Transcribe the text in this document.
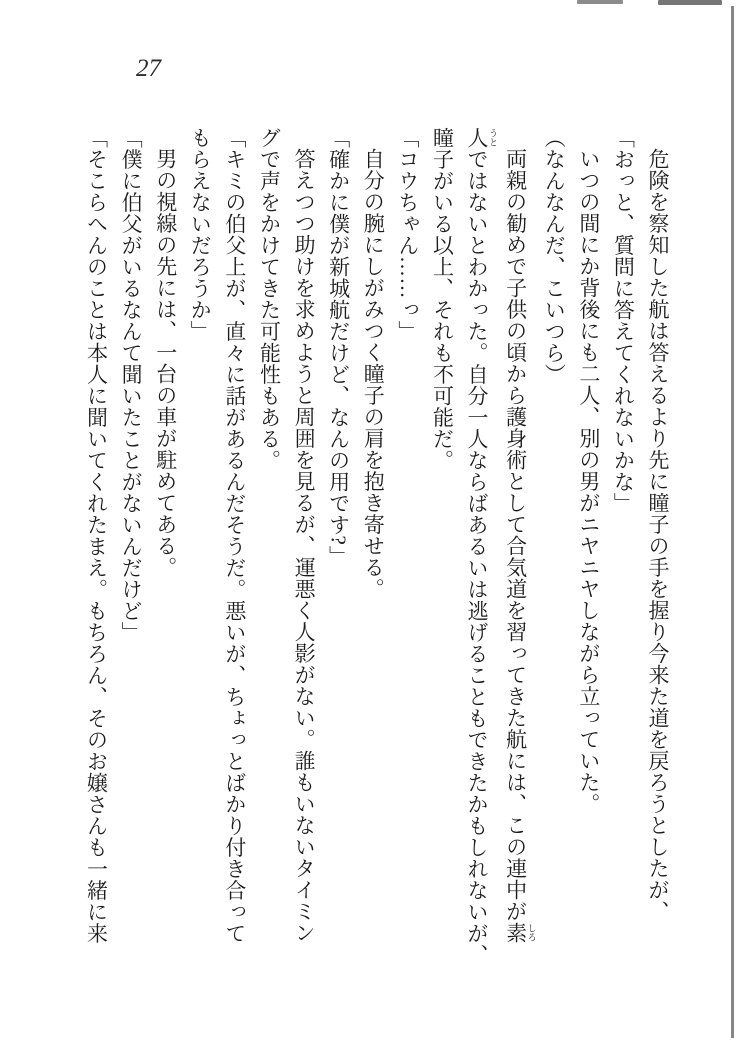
27
危険を察知した航は答えるより先に瞳子の手を握り今来た道を戻ろうとしたが、
「おっと、質問に答えてくれないかな」
いつの間にか背後にも二人、別の男がニヤニヤしながら立っていた。
（なんなんだ、こいつら）
両親の勧めで子供の頃から護身術として合気道を習ってきた航には、この連中が素 しろ
人 うとではないとわかった。自分一人ならばあるいは逃げることもできたかもしれないが、
瞳子がいる以上、それも不可能だ。
「コウちゃん……っ」
自分の腕にしがみつく瞳子の肩を抱き寄せる。
「確かに僕が新城航だけど、なんの用です?」
答えつつ助けを求めようと周囲を見るが、運悪く人影がない。誰もいないタイミン
グで声をかけてきた可能性もある。
「キミの伯父上が、直々に話があるんだそうだ。悪いが、ちょっとばかり付き合って
もらえないだろうか」
男の視線の先には、一台の車が駐めてある。
「僕に伯父がいるなんて聞いたことがないんだけど」
「そこらへんのことは本人に聞いてくれたまえ。もちろん、そのお嬢さんも一緒に来
